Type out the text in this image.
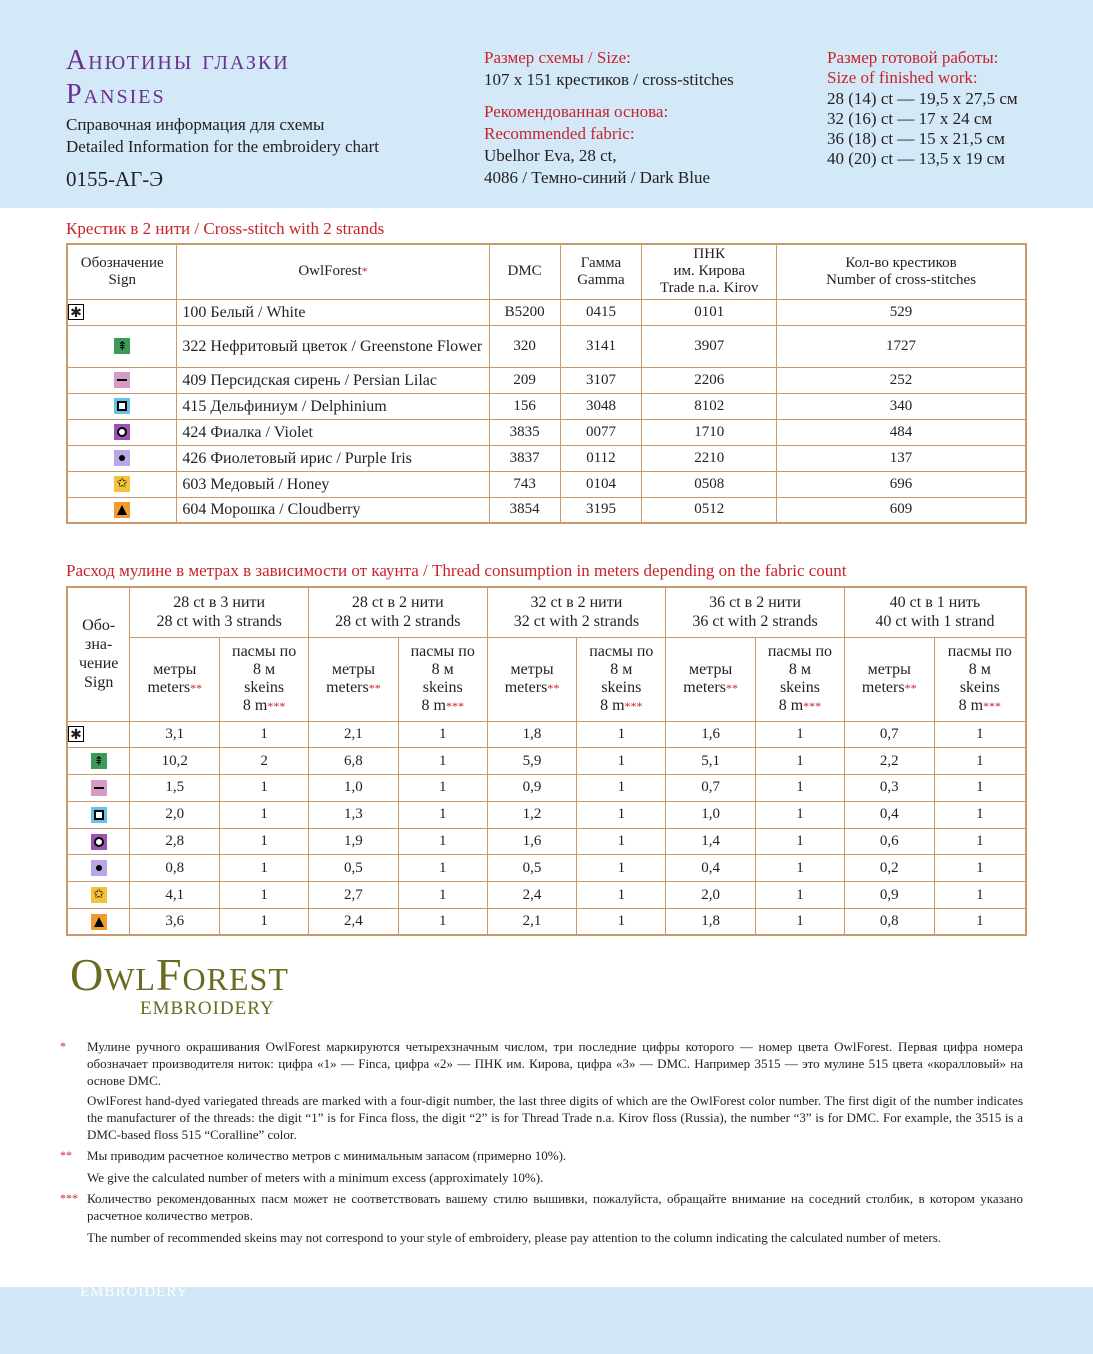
Анютины глазки
Pansies
Справочная информация для схемы
Detailed Information for the embroidery chart
0155-АГ-Э
Размер схемы / Size:
107 x 151 крестиков / cross-stitches
Рекомендованная основа:
Recommended fabric:
Ubelhor Eva, 28 ct,
4086 / Темно-синий / Dark Blue
Размер готовой работы:
Size of finished work:
28 (14) ct — 19,5 x 27,5 см
32 (16) ct — 17 x 24 см
36 (18) ct — 15 x 21,5 см
40 (20) ct — 13,5 x 19 см
Крестик в 2 нити / Cross-stitch with 2 strands
Обозначение
Sign	OwlForest*	DMC	Гамма
Gamma	ПНК
им. Кирова
Trade n.a. Kirov	Кол-во крестиков
Number of cross-stitches

✱	100 Белый / White	B5200	0415	0101	529
⇞	322 Нефритовый цветок / Greenstone Flower	320	3141	3907	1727
	409 Персидская сирень / Persian Lilac	209	3107	2206	252
	415 Дельфиниум / Delphinium	156	3048	8102	340
	424 Фиалка / Violet	3835	0077	1710	484
	426 Фиолетовый ирис / Purple Iris	3837	0112	2210	137
✩	603 Медовый / Honey	743	0104	0508	696
	604 Морошка / Cloudberry	3854	3195	0512	609
Расход мулине в метрах в зависимости от каунта / Thread consumption in meters depending on the fabric count
Обо-
зна-
чение
Sign	28 ct в 3 нити
28 ct with 3 strands		28 ct в 2 нити
28 ct with 2 strands		32 ct в 2 нити
32 ct with 2 strands		36 ct в 2 нити
36 ct with 2 strands		40 ct в 1 нить
40 ct with 1 strand	
	метры
meters**	пасмы по
8 м
skeins
8 m***	метры
meters**	пасмы по
8 м
skeins
8 m***	метры
meters**	пасмы по
8 м
skeins
8 m***	метры
meters**	пасмы по
8 м
skeins
8 m***	метры
meters**	пасмы по
8 м
skeins
8 m***

✱	3,1	1	2,1	1	1,8	1	1,6	1	0,7	1
⇞	10,2	2	6,8	1	5,9	1	5,1	1	2,2	1
	1,5	1	1,0	1	0,9	1	0,7	1	0,3	1
	2,0	1	1,3	1	1,2	1	1,0	1	0,4	1
	2,8	1	1,9	1	1,6	1	1,4	1	0,6	1
	0,8	1	0,5	1	0,5	1	0,4	1	0,2	1
✩	4,1	1	2,7	1	2,4	1	2,0	1	0,9	1
	3,6	1	2,4	1	2,1	1	1,8	1	0,8	1
OwlForest
EMBROIDERY
* Мулине ручного окрашивания OwlForest маркируются четырехзначным числом, три последние цифры которого — номер цвета OwlForest. Первая цифра номера обозначает производителя ниток: цифра «1» — Finca, цифра «2» — ПНК им. Кирова, цифра «3» — DMC. Например 3515 — это мулине 515 цвета «коралловый» на основе DMC.
OwlForest hand-dyed variegated threads are marked with a four-digit number, the last three digits of which are the OwlForest color number. The first digit of the number indicates the manufacturer of the threads: the digit “1” is for Finca floss, the digit “2” is for Thread Trade n.a. Kirov floss (Russia), the number “3” is for DMC. For example, the 3515 is a DMC-based floss 515 “Coralline” color.
** Мы приводим расчетное количество метров с минимальным запасом (примерно 10%).
We give the calculated number of meters with a minimum excess (approximately 10%).
*** Количество рекомендованных пасм может не соответствовать вашему стилю вышивки, пожалуйста, обращайте внимание на соседний столбик, в котором указано расчетное количество метров.
The number of recommended skeins may not correspond to your style of embroidery, please pay attention to the column indicating the calculated number of meters.
EMBROIDERY
